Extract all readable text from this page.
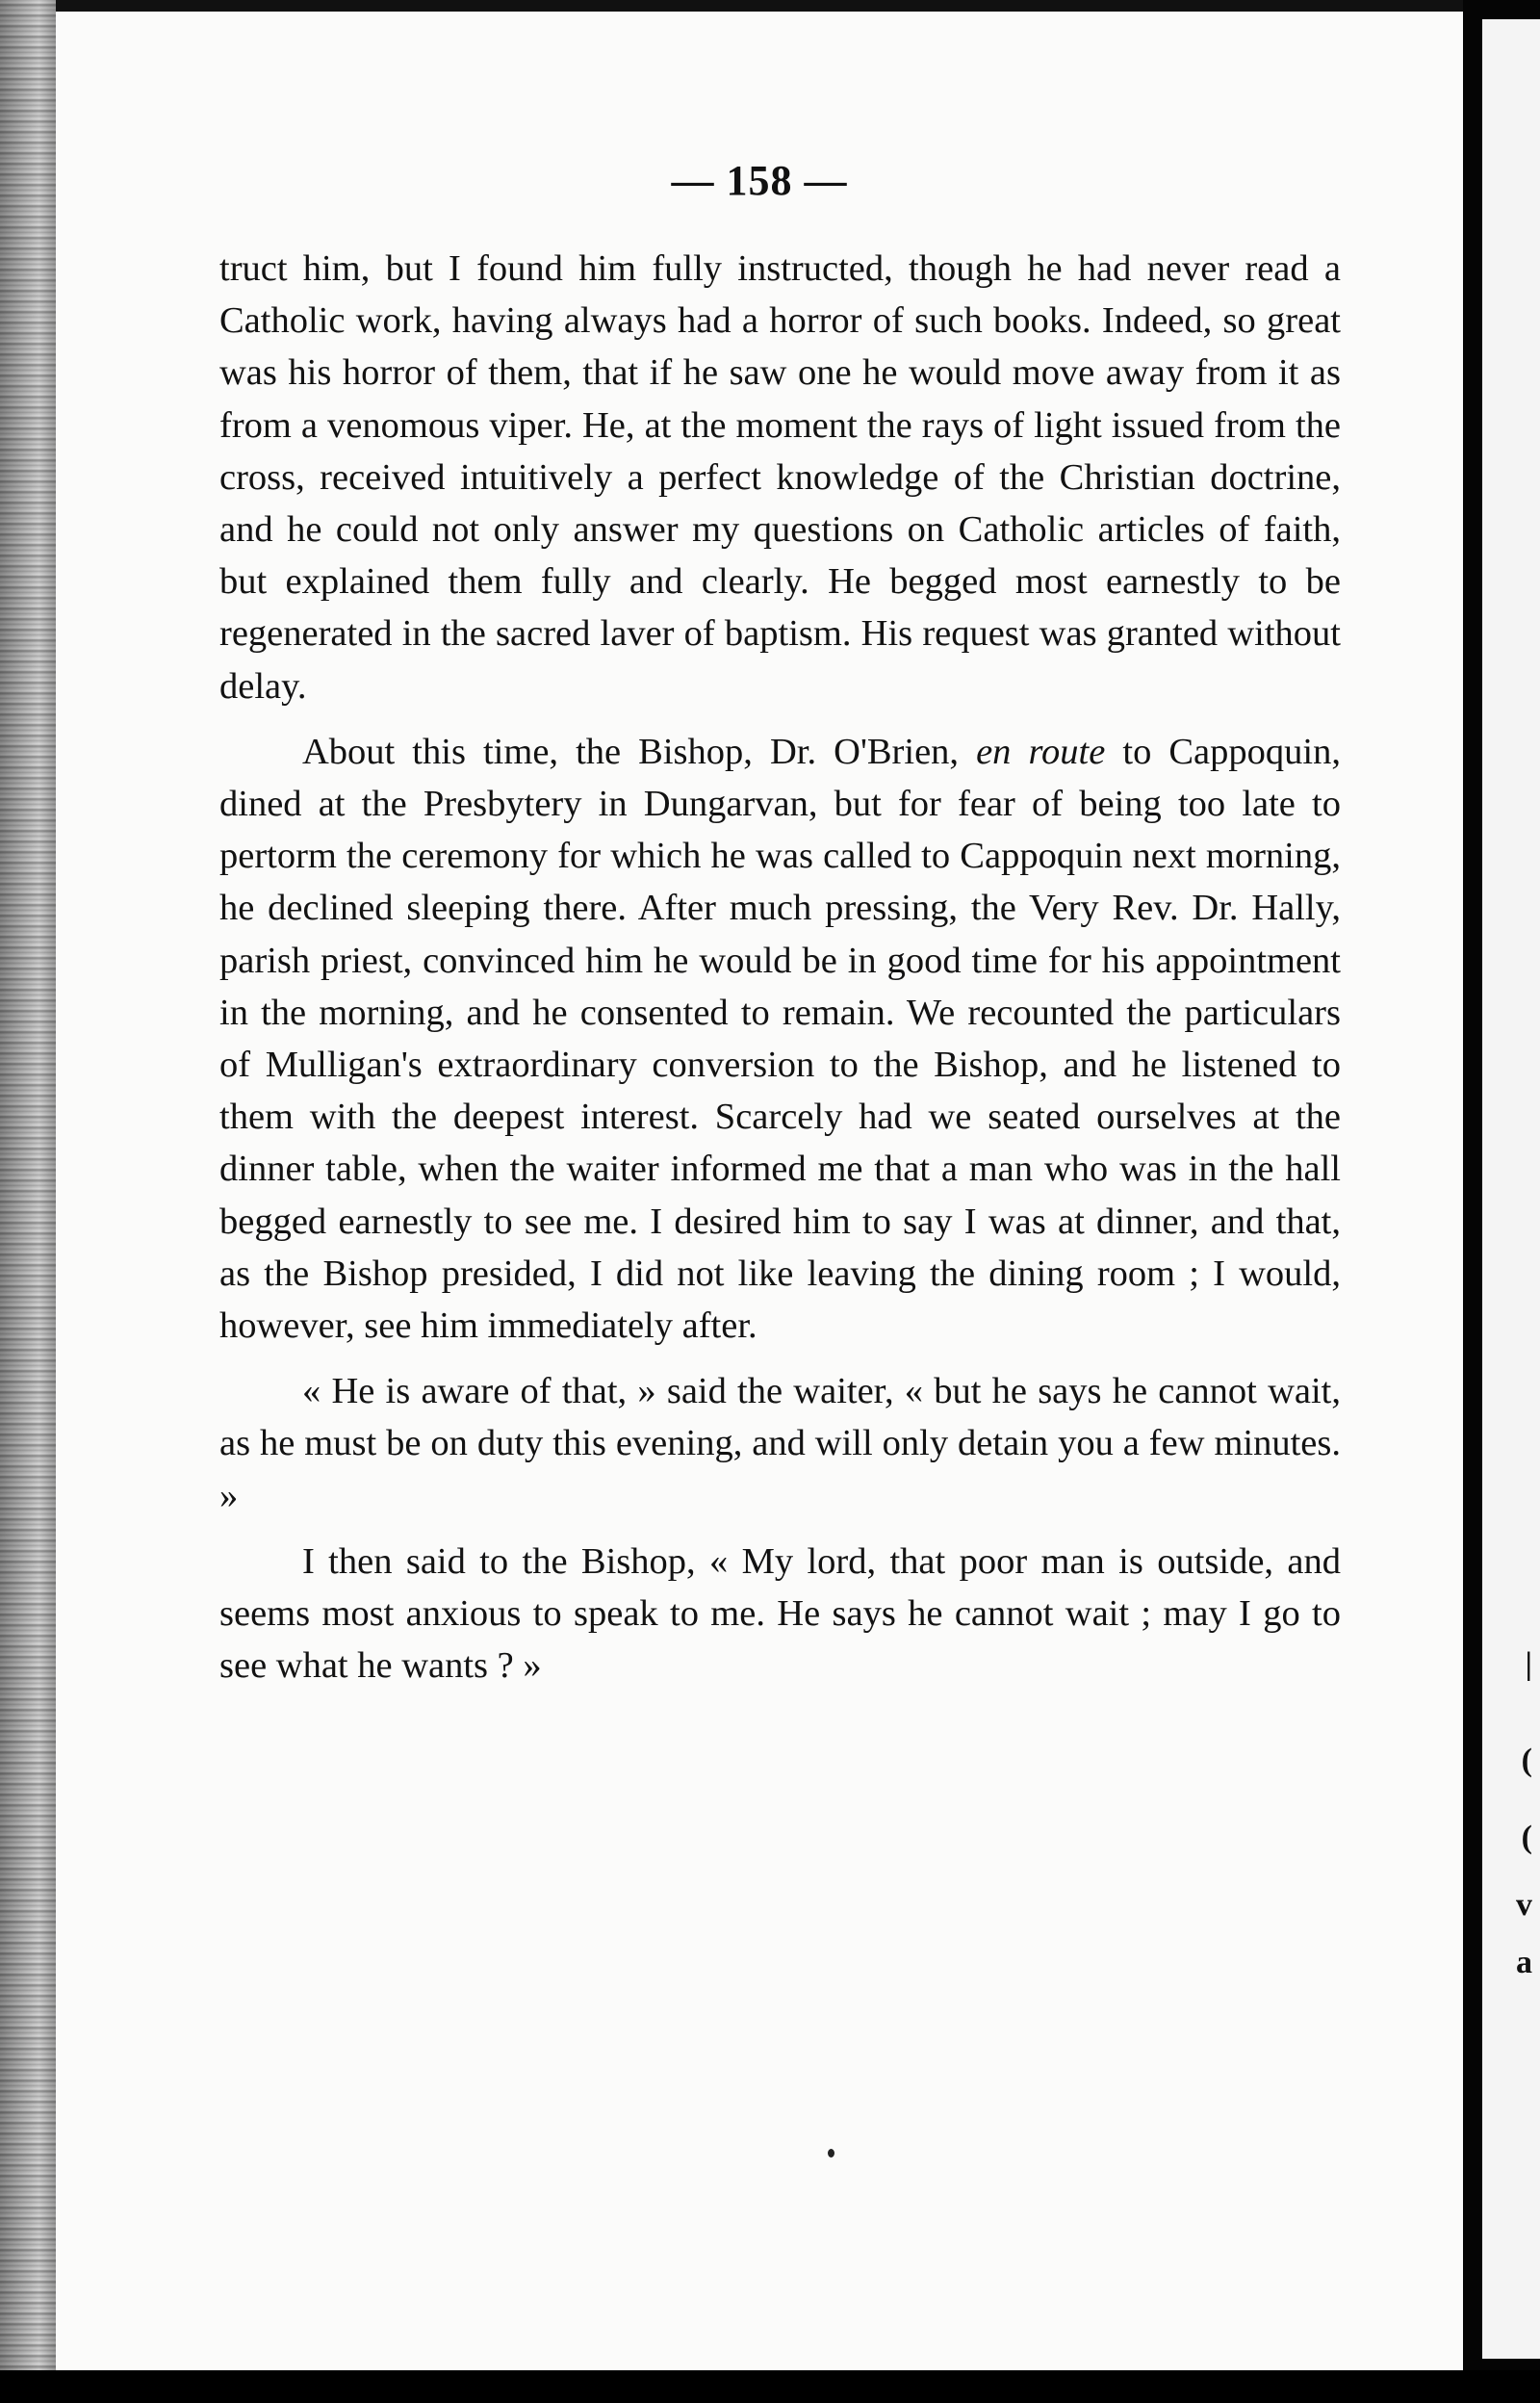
|
(
(
v
a
— 158 —

truct him, but I found him fully instructed, though he had never read a Catholic work, having always had a horror of such books. Indeed, so great was his horror of them, that if he saw one he would move away from it as from a venomous viper. He, at the moment the rays of light issued from the cross, received intuitively a perfect knowledge of the Christian doctrine, and he could not only answer my questions on Catholic articles of faith, but explained them fully and clearly. He begged most earnestly to be regenerated in the sacred laver of baptism. His request was granted without delay.

About this time, the Bishop, Dr. O'Brien, en route to Cappoquin, dined at the Presbytery in Dungarvan, but for fear of being too late to pertorm the ceremony for which he was called to Cappoquin next morning, he declined sleeping there. After much pressing, the Very Rev. Dr. Hally, parish priest, convinced him he would be in good time for his appointment in the morning, and he consented to remain. We recounted the particulars of Mulligan's extraordinary conversion to the Bishop, and he listened to them with the deepest interest. Scarcely had we seated ourselves at the dinner table, when the waiter informed me that a man who was in the hall begged earnestly to see me. I desired him to say I was at dinner, and that, as the Bishop presided, I did not like leaving the dining room ; I would, however, see him immediately after.

« He is aware of that, » said the waiter, « but he says he cannot wait, as he must be on duty this evening, and will only detain you a few minutes. »

I then said to the Bishop, « My lord, that poor man is outside, and seems most anxious to speak to me. He says he cannot wait ; may I go to see what he wants ? »
